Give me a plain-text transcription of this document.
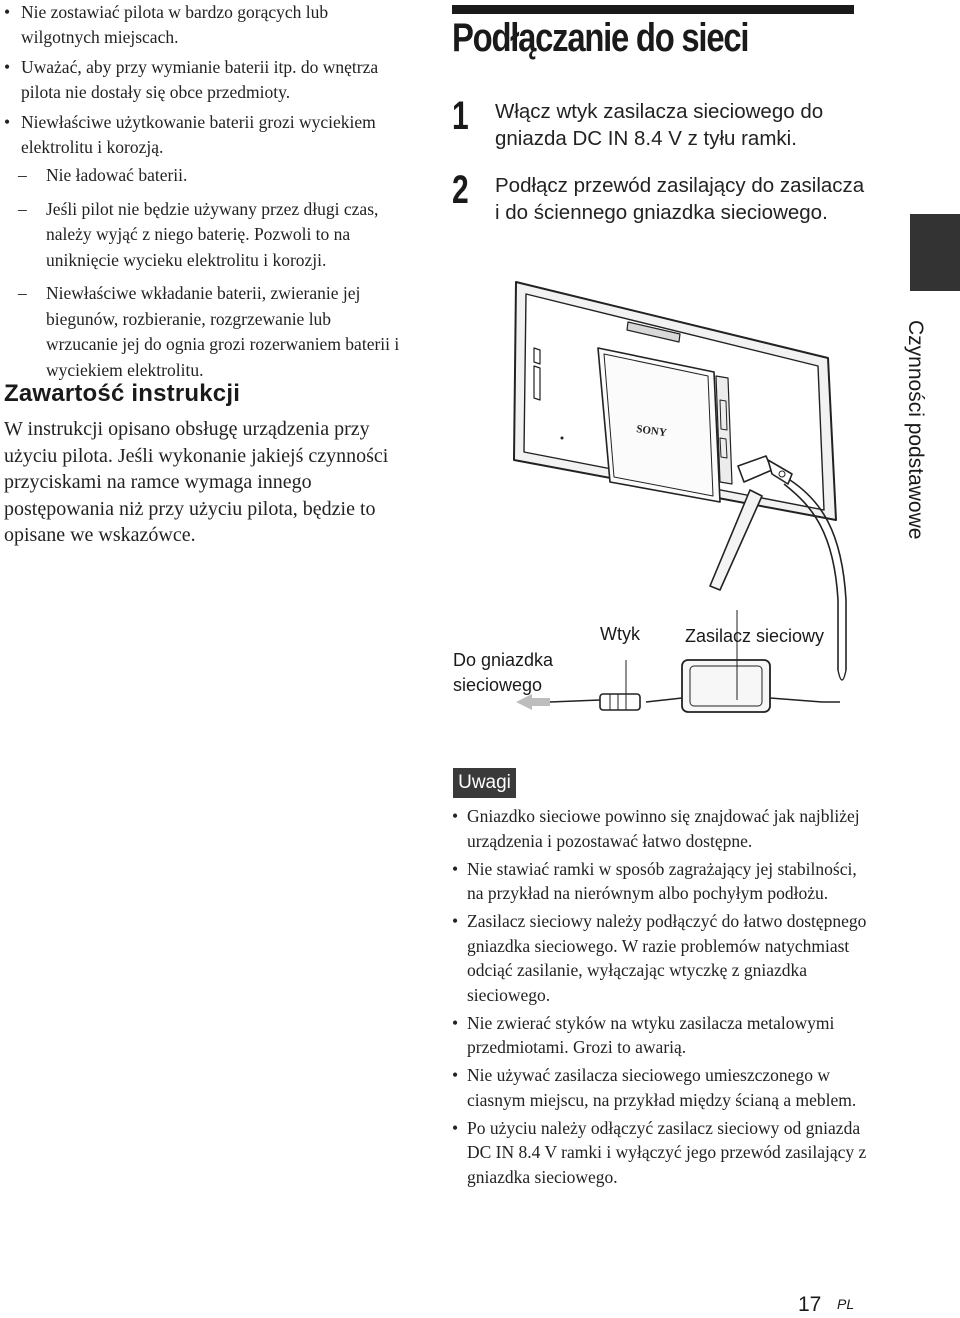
• Nie zostawiać pilota w bardzo gorących lub wilgotnych miejscach.
• Uważać, aby przy wymianie baterii itp. do wnętrza pilota nie dostały się obce przedmioty.
• Niewłaściwe użytkowanie baterii grozi wyciekiem elektrolitu i korozją.
– Nie ładować baterii.
– Jeśli pilot nie będzie używany przez długi czas, należy wyjąć z niego baterię. Pozwoli to na uniknięcie wycieku elektrolitu i korozji.
– Niewłaściwe wkładanie baterii, zwieranie jej biegunów, rozbieranie, rozgrzewanie lub wrzucanie jej do ognia grozi rozerwaniem baterii i wyciekiem elektrolitu.
Zawartość instrukcji
W instrukcji opisano obsługę urządzenia przy użyciu pilota. Jeśli wykonanie jakiejś czynności przyciskami na ramce wymaga innego postępowania niż przy użyciu pilota, będzie to opisane we wskazówce.
Podłączanie do sieci
1 Włącz wtyk zasilacza sieciowego do gniazda DC IN 8.4 V z tyłu ramki.
2 Podłącz przewód zasilający do zasilacza i do ściennego gniazdka sieciowego.
Czynności podstawowe
SONY
Do gniazdka sieciowego
Wtyk	Zasilacz sieciowy
Uwagi
• Gniazdko sieciowe powinno się znajdować jak najbliżej urządzenia i pozostawać łatwo dostępne.
• Nie stawiać ramki w sposób zagrażający jej stabilności, na przykład na nierównym albo pochyłym podłożu.
• Zasilacz sieciowy należy podłączyć do łatwo dostępnego gniazdka sieciowego. W razie problemów natychmiast odciąć zasilanie, wyłączając wtyczkę z gniazdka sieciowego.
• Nie zwierać styków na wtyku zasilacza metalowymi przedmiotami. Grozi to awarią.
• Nie używać zasilacza sieciowego umieszczonego w ciasnym miejscu, na przykład między ścianą a meblem.
• Po użyciu należy odłączyć zasilacz sieciowy od gniazda DC IN 8.4 V ramki i wyłączyć jego przewód zasilający z gniazdka sieciowego.
17 PL
